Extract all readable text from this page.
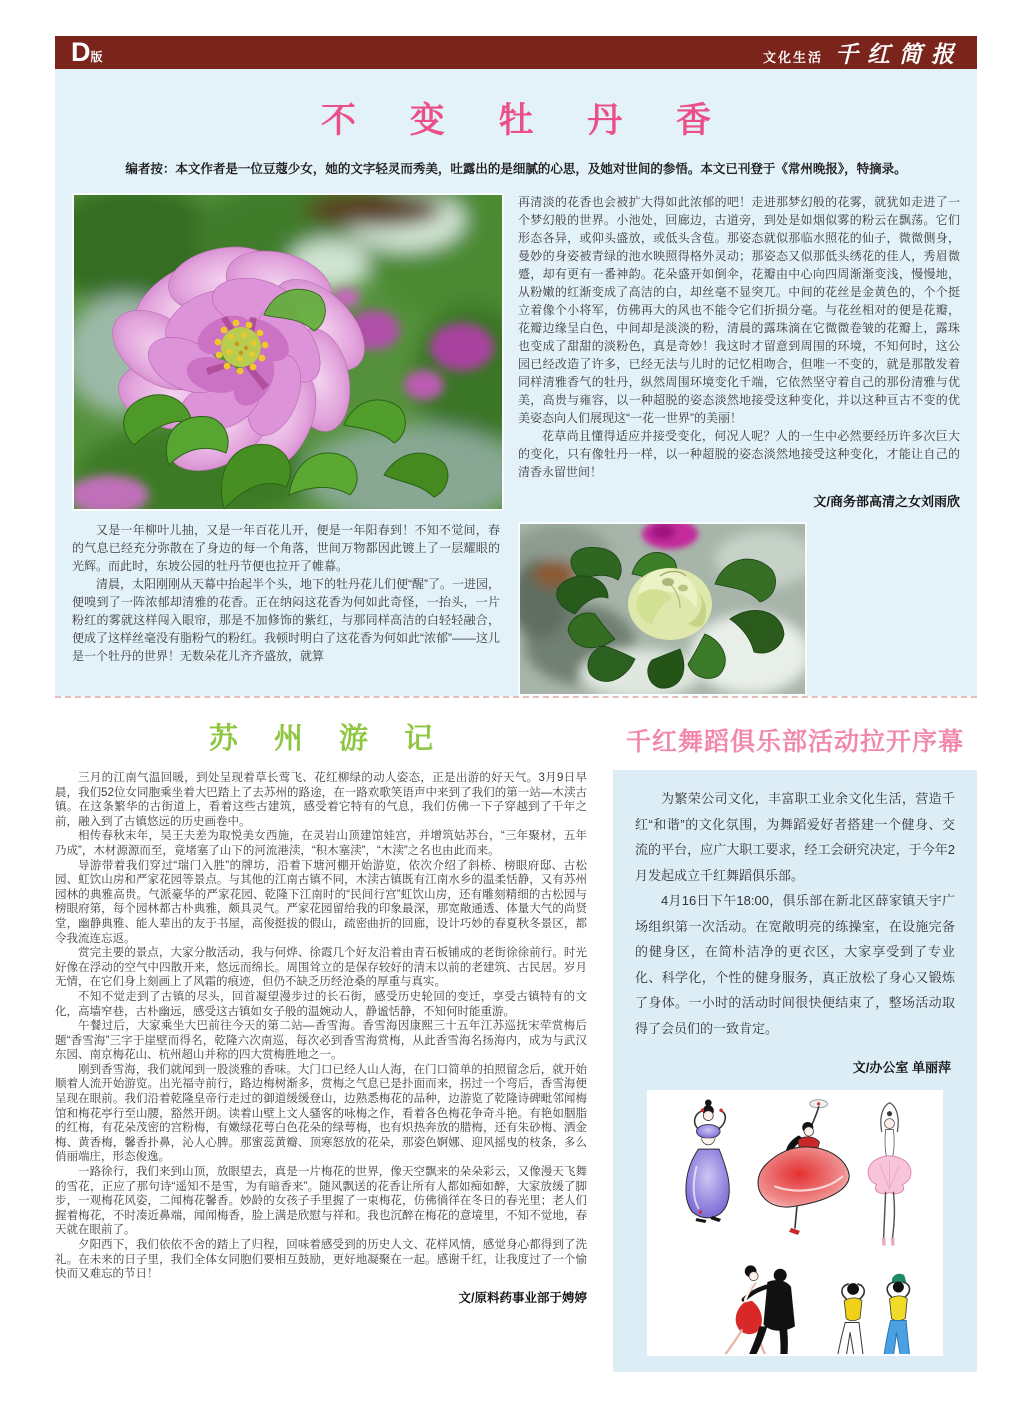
D版	文化生活 千红简报
不 变 牡 丹 香

编者按：本文作者是一位豆蔻少女，她的文字轻灵而秀美，吐露出的是细腻的心思，及她对世间的参悟。本文已刊登于《常州晚报》，特摘录。

又是一年柳叶儿抽，又是一年百花儿开，便是一年阳春到！不知不觉间，春的气息已经充分弥散在了身边的每一个角落，世间万物都因此镀上了一层耀眼的光辉。而此时，东坡公园的牡丹节便也拉开了帷幕。

清晨，太阳刚刚从天幕中抬起半个头，地下的牡丹花儿们便“醒”了。一进园，便嗅到了一阵浓郁却清雅的花香。正在纳闷这花香为何如此奇怪，一抬头，一片粉红的雾就这样闯入眼帘，那是不加修饰的紫红，与那同样高洁的白轻轻融合，便成了这样丝毫没有脂粉气的粉红。我顿时明白了这花香为何如此“浓郁”——这儿是一个牡丹的世界！无数朵花儿齐齐盛放，就算

再清淡的花香也会被扩大得如此浓郁的吧！走进那梦幻般的花雾，就犹如走进了一个梦幻般的世界。小池处，回廊边，古道旁，到处是如烟似雾的粉云在飘荡。它们形态各异，或仰头盛放，或低头含苞。那姿态就似那临水照花的仙子，微微侧身，曼妙的身姿被青绿的池水映照得格外灵动；那姿态又似那低头绣花的佳人，秀眉微蹙，却有更有一番神韵。花朵盛开如倒伞，花瓣由中心向四周渐渐变浅，慢慢地，从粉嫩的红渐变成了高洁的白，却丝毫不显突兀。中间的花丝是金黄色的，个个挺立着像个小将军，仿佛再大的风也不能令它们折损分毫。与花丝相对的便是花瓣，花瓣边缘呈白色，中间却是淡淡的粉，清晨的露珠滴在它微微卷皱的花瓣上，露珠也变成了甜甜的淡粉色，真是奇妙！我这时才留意到周围的环境，不知何时，这公园已经改造了许多，已经无法与儿时的记忆相吻合，但唯一不变的，就是那散发着同样清雅香气的牡丹，纵然周围环境变化千端，它依然坚守着自己的那份清雅与优美，高贵与雍容，以一种超脱的姿态淡然地接受这种变化，并以这种亘古不变的优美姿态向人们展现这“一花一世界”的美丽！

花草尚且懂得适应并接受变化，何况人呢？人的一生中必然要经历许多次巨大的变化，只有像牡丹一样，以一种超脱的姿态淡然地接受这种变化，才能让自己的清香永留世间！

文/商务部高清之女刘雨欣
苏 州 游 记

三月的江南气温回暖，到处呈现着草长莺飞、花红柳绿的动人姿态，正是出游的好天气。3月9日早晨，我们52位女同胞乘坐着大巴踏上了去苏州的路途，在一路欢歌笑语声中来到了我们的第一站—木渎古镇。在这条繁华的古街道上，看着这些古建筑，感受着它特有的气息，我们仿佛一下子穿越到了千年之前，融入到了古镇悠远的历史画卷中。

相传春秋末年，吴王夫差为取悦美女西施，在灵岩山顶建馆娃宫，并增筑姑苏台，“三年聚材，五年乃成”，木材源源而至，竟堵塞了山下的河流港渎，“积木塞渎”，“木渎”之名也由此而来。

导游带着我们穿过“瑞门入胜”的牌坊，沿着下塘河棚开始游览，依次介绍了斜桥、榜眼府邸、古松园、虹饮山房和严家花园等景点。与其他的江南古镇不同，木渎古镇既有江南水乡的温柔恬静，又有苏州园林的典雅高贵。气派豪华的严家花园、乾隆下江南时的“民间行宫”虹饮山房，还有雕刻精细的古松园与榜眼府第，每个园林都古朴典雅，颇具灵气。严家花园留给我的印象最深，那宽敞通透、体量大气的尚贤堂，幽静典雅、能人辈出的友于书屋，高俊挺拔的假山，疏密曲折的回廊，设计巧妙的春夏秋冬景区，都令我流连忘返。

赏完主要的景点，大家分散活动，我与何烨、徐霞几个好友沿着由青石板铺成的老街徐徐前行。时光好像在浮动的空气中四散开来，悠远而绵长。周围耸立的是保存较好的清末以前的老建筑、古民居。岁月无情，在它们身上刻画上了风霜的痕迹，但仍不缺乏历经沧桑的厚重与真实。

不知不觉走到了古镇的尽头，回首凝望漫步过的长石街，感受历史轮回的变迁，享受古镇特有的文化，高墙窄巷，古朴幽远，感受这古镇如女子般的温婉动人，静谧恬静，不知何时能重游。

午餐过后，大家乘坐大巴前往今天的第二站—香雪海。香雪海因康熙三十五年江苏巡抚宋荦赏梅后题“香雪海”三字于崖壁而得名，乾隆六次南巡，每次必到香雪海赏梅，从此香雪海名扬海内，成为与武汉东园、南京梅花山、杭州超山并称的四大赏梅胜地之一。

刚到香雪海，我们就闻到一股淡雅的香味。大门口已经人山人海，在门口简单的拍照留念后，就开始顺着人流开始游览。出光福寺前行，路边梅树渐多，赏梅之气息已是扑面而来，拐过一个弯后，香雪海便呈现在眼前。我们沿着乾隆皇帝行走过的御道缓缓登山，边熟悉梅花的品种，边游览了乾隆诗碑毗邻闻梅馆和梅花亭行至山腰，豁然开朗。读着山壁上文人骚客的咏梅之作，看着各色梅花争奇斗艳。有艳如胭脂的红梅，有花朵茂密的宫粉梅，有嫩绿花萼白色花朵的绿萼梅，也有炽热奔放的腊梅，还有朱砂梅、洒金梅、黄香梅，馨香扑鼻，沁人心脾。那蜜蕊黄瓣、顶寒怒放的花朵，那姿色婀娜、迎风摇曳的枝条，多么俏丽端庄，形态俊逸。

一路徐行，我们来到山顶，放眼望去，真是一片梅花的世界，像天空飘来的朵朵彩云，又像漫天飞舞的雪花，正应了那句诗“遥知不是雪，为有暗香来”。随风飘送的花香让所有人都如痴如醉，大家放缓了脚步，一观梅花风姿，二闻梅花馨香。妙龄的女孩子手里握了一束梅花，仿佛徜徉在冬日的春光里；老人们握着梅花，不时凑近鼻端，闻闻梅香，脸上满是欣慰与祥和。我也沉醉在梅花的意境里，不知不觉地，春天就在眼前了。

夕阳西下，我们依依不舍的踏上了归程，回味着感受到的历史人文、花样风情，感觉身心都得到了洗礼。在未来的日子里，我们全体女同胞们要相互鼓励，更好地凝聚在一起。感谢千红，让我度过了一个愉快而又难忘的节日！

文/原料药事业部于娉婷
千红舞蹈俱乐部活动拉开序幕

为繁荣公司文化，丰富职工业余文化生活，营造千红“和谐”的文化氛围，为舞蹈爱好者搭建一个健身、交流的平台，应广大职工要求，经工会研究决定，于今年2月发起成立千红舞蹈俱乐部。

4月16日下午18:00，俱乐部在新北区薛家镇天宇广场组织第一次活动。在宽敞明亮的练操室，在设施完备的健身区，在简朴洁净的更衣区，大家享受到了专业化、科学化，个性的健身服务，真正放松了身心又锻炼了身体。一小时的活动时间很快便结束了，整场活动取得了会员们的一致肯定。

文/办公室 单丽萍
